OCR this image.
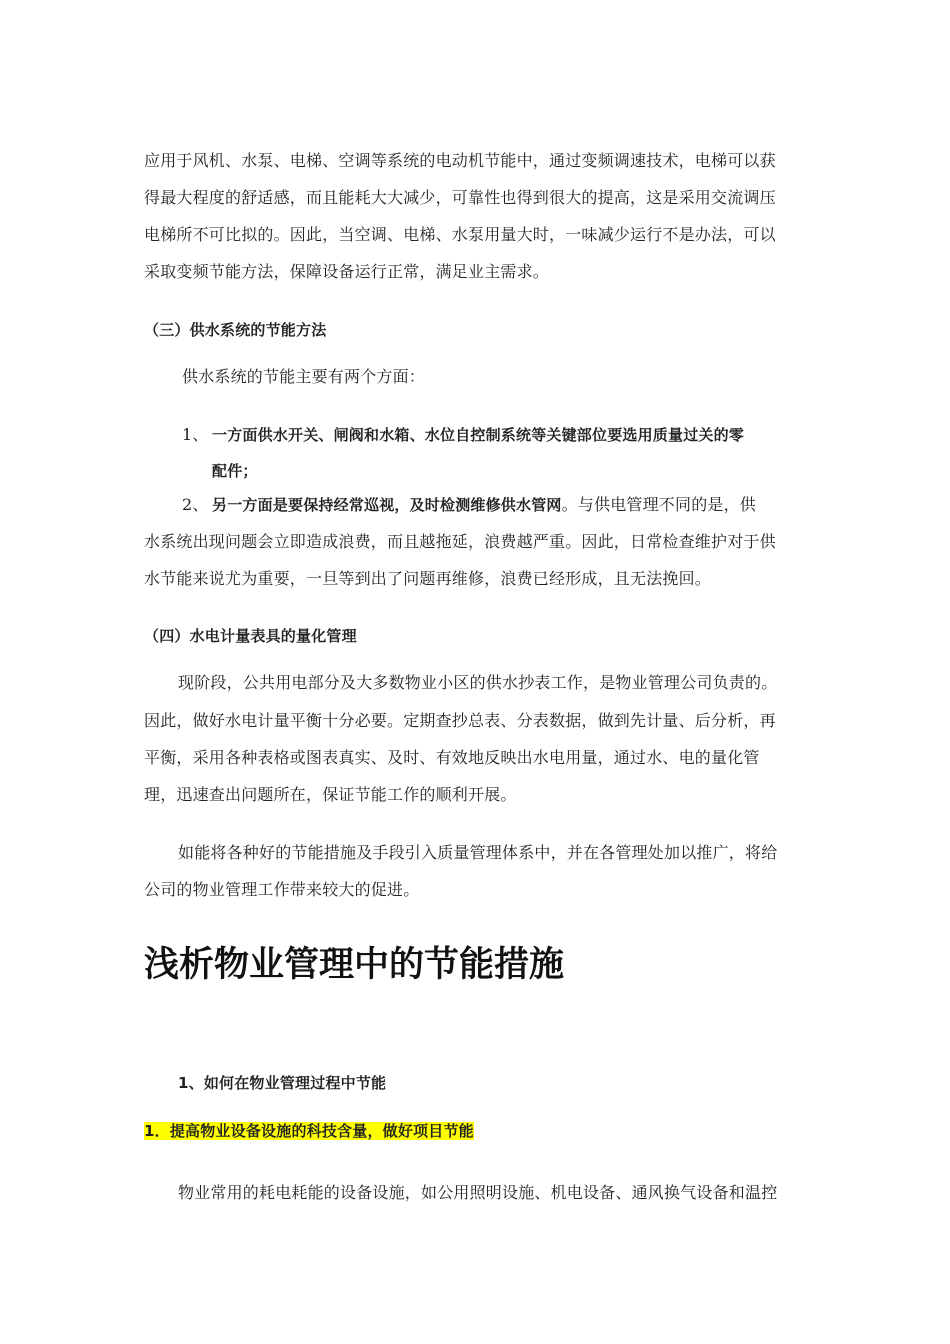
应用于风机、水泵、电梯、空调等系统的电动机节能中，通过变频调速技术，电梯可以获
得最大程度的舒适感，而且能耗大大减少，可靠性也得到很大的提高，这是采用交流调压
电梯所不可比拟的。因此，当空调、电梯、水泵用量大时，一味减少运行不是办法，可以
采取变频节能方法，保障设备运行正常，满足业主需求。
（三）供水系统的节能方法
供水系统的节能主要有两个方面：
1、 一方面供水开关、闸阀和水箱、水位自控制系统等关键部位要选用质量过关的零
配件；
2、 另一方面是要保持经常巡视，及时检测维修供水管网。与供电管理不同的是，供
水系统出现问题会立即造成浪费，而且越拖延，浪费越严重。因此，日常检查维护对于供
水节能来说尤为重要，一旦等到出了问题再维修，浪费已经形成，且无法挽回。
（四）水电计量表具的量化管理
现阶段，公共用电部分及大多数物业小区的供水抄表工作，是物业管理公司负责的。
因此，做好水电计量平衡十分必要。定期查抄总表、分表数据，做到先计量、后分析，再
平衡，采用各种表格或图表真实、及时、有效地反映出水电用量，通过水、电的量化管
理，迅速查出问题所在，保证节能工作的顺利开展。
如能将各种好的节能措施及手段引入质量管理体系中，并在各管理处加以推广，将给
公司的物业管理工作带来较大的促进。
浅析物业管理中的节能措施
1、如何在物业管理过程中节能
1．提高物业设备设施的科技含量，做好项目节能
物业常用的耗电耗能的设备设施，如公用照明设施、机电设备、通风换气设备和温控
